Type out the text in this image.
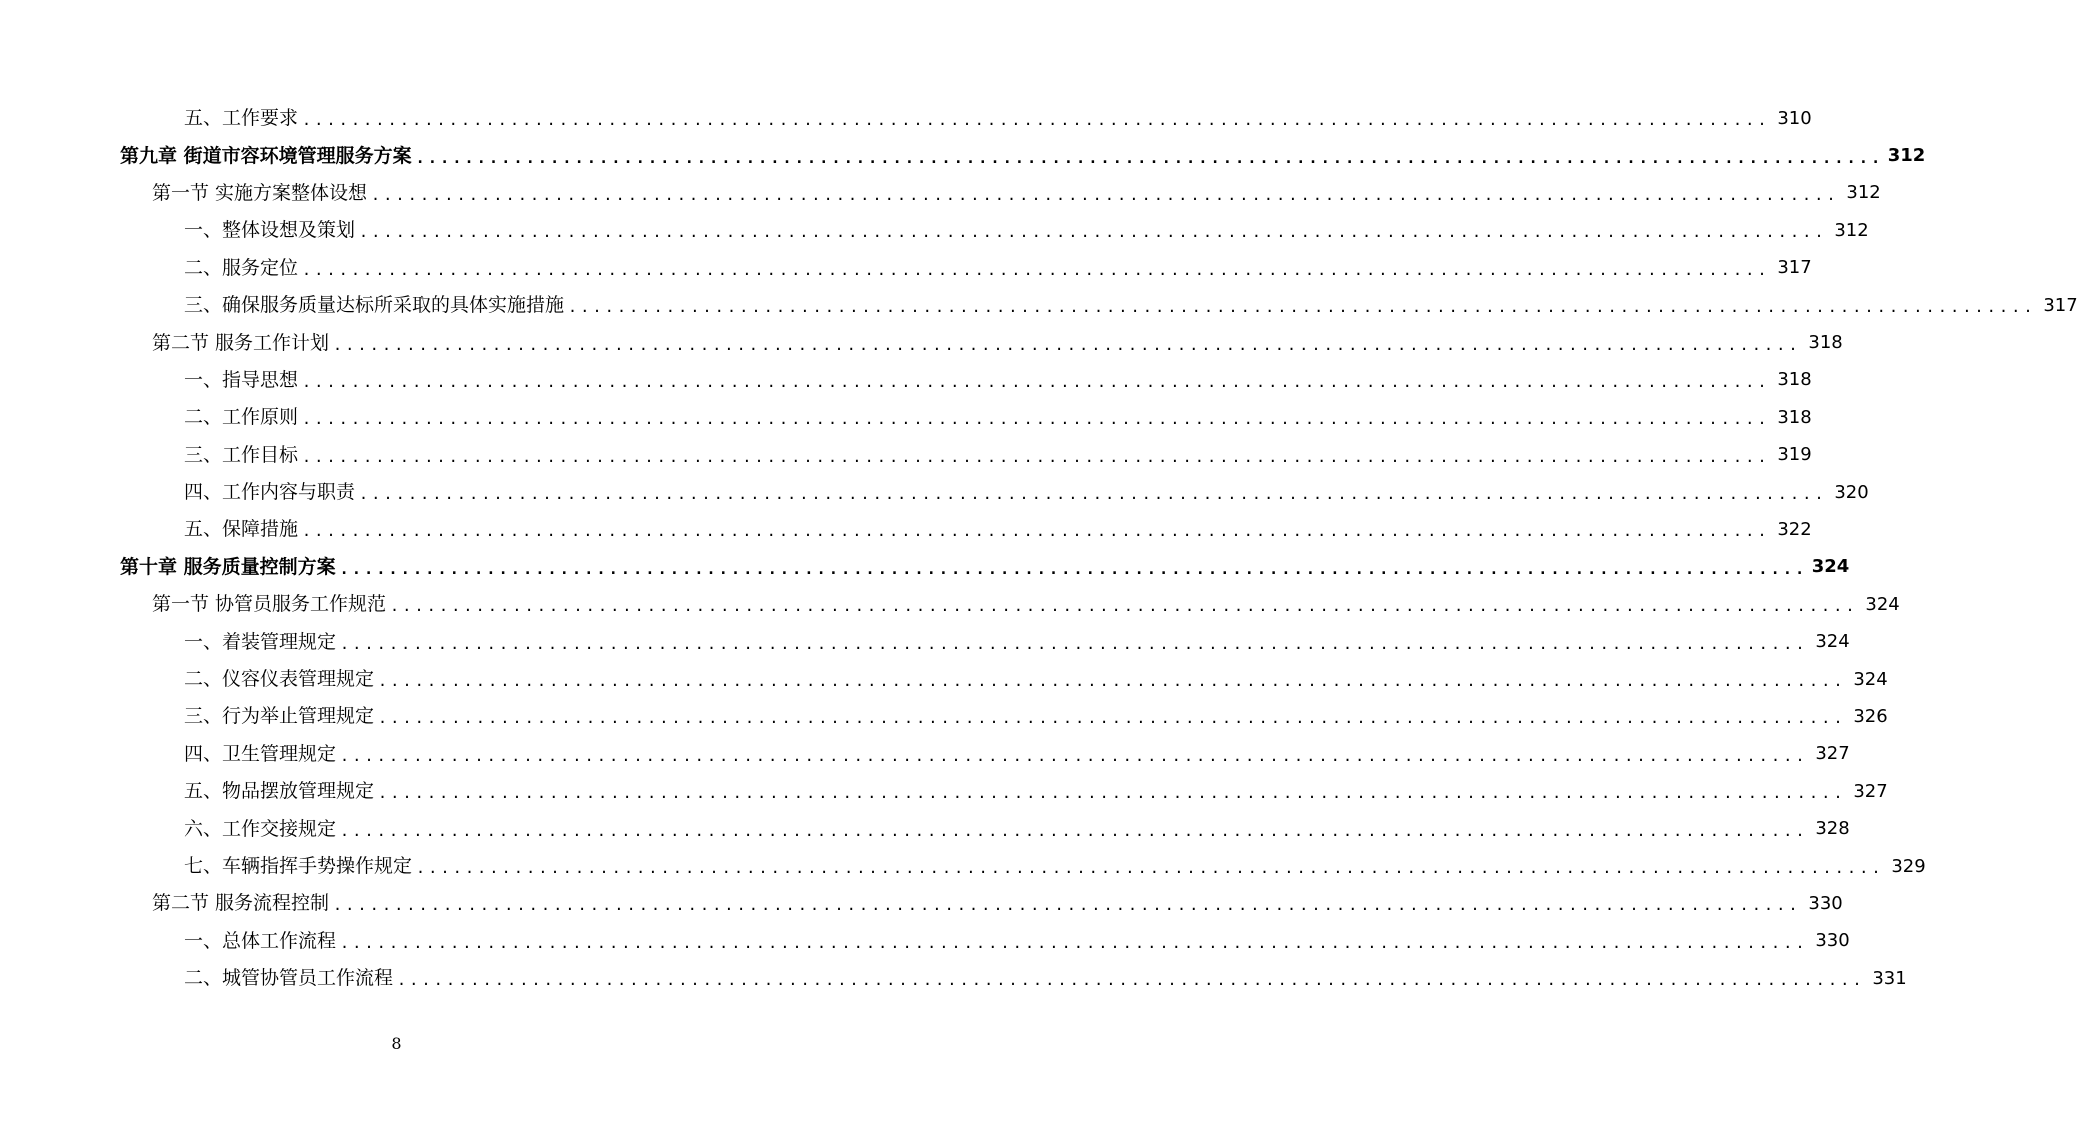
五、工作要求 ........................................................................................................................ 310
第九章 街道市容环境管理服务方案 ........................................................................................................................ 312
第一节 实施方案整体设想 ........................................................................................................................ 312
一、整体设想及策划 ........................................................................................................................ 312
二、服务定位 ........................................................................................................................ 317
三、确保服务质量达标所采取的具体实施措施 ........................................................................................................................ 317
第二节 服务工作计划 ........................................................................................................................ 318
一、指导思想 ........................................................................................................................ 318
二、工作原则 ........................................................................................................................ 318
三、工作目标 ........................................................................................................................ 319
四、工作内容与职责 ........................................................................................................................ 320
五、保障措施 ........................................................................................................................ 322
第十章 服务质量控制方案 ........................................................................................................................ 324
第一节 协管员服务工作规范 ........................................................................................................................ 324
一、着装管理规定 ........................................................................................................................ 324
二、仪容仪表管理规定 ........................................................................................................................ 324
三、行为举止管理规定 ........................................................................................................................ 326
四、卫生管理规定 ........................................................................................................................ 327
五、物品摆放管理规定 ........................................................................................................................ 327
六、工作交接规定 ........................................................................................................................ 328
七、车辆指挥手势操作规定 ........................................................................................................................ 329
第二节 服务流程控制 ........................................................................................................................ 330
一、总体工作流程 ........................................................................................................................ 330
二、城管协管员工作流程 ........................................................................................................................ 331
8
